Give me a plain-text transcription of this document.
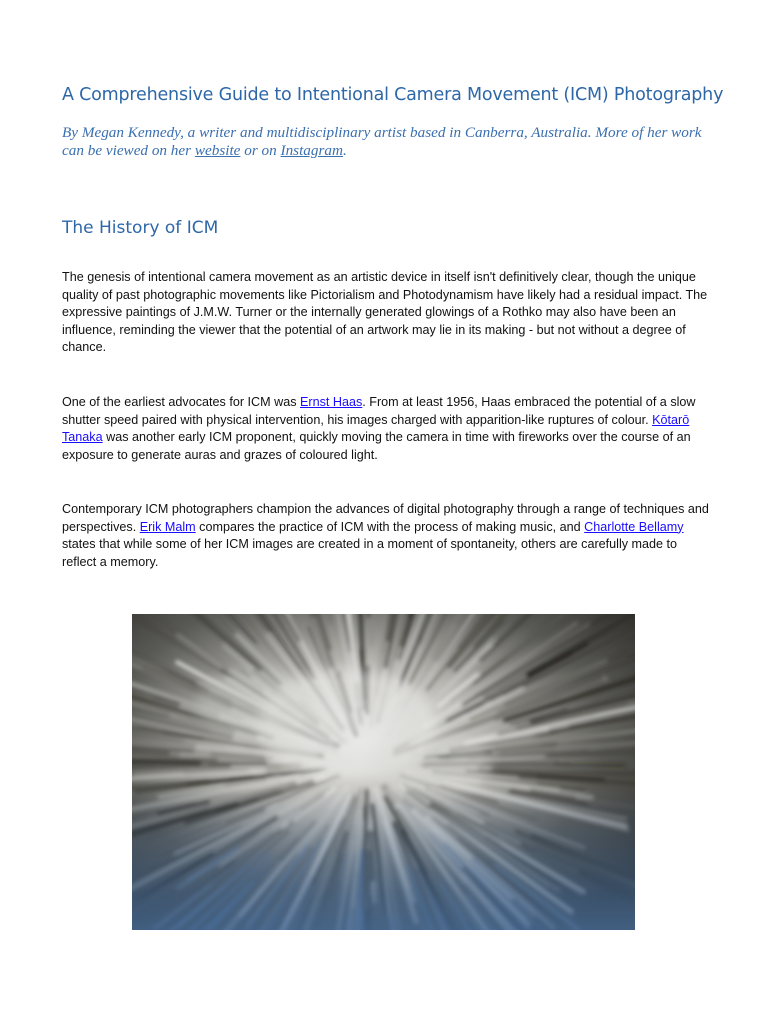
A Comprehensive Guide to Intentional Camera Movement (ICM) Photography

By Megan Kennedy, a writer and multidisciplinary artist based in Canberra, Australia. More of her work can be viewed on her website or on Instagram.

The History of ICM

The genesis of intentional camera movement as an artistic device in itself isn't definitively clear, though the unique quality of past photographic movements like Pictorialism and Photodynamism have likely had a residual impact. The expressive paintings of J.M.W. Turner or the internally generated glowings of a Rothko may also have been an influence, reminding the viewer that the potential of an artwork may lie in its making - but not without a degree of chance.

One of the earliest advocates for ICM was Ernst Haas. From at least 1956, Haas embraced the potential of a slow shutter speed paired with physical intervention, his images charged with apparition-like ruptures of colour. Kōtarō Tanaka was another early ICM proponent, quickly moving the camera in time with fireworks over the course of an exposure to generate auras and grazes of coloured light.

Contemporary ICM photographers champion the advances of digital photography through a range of techniques and perspectives. Erik Malm compares the practice of ICM with the process of making music, and Charlotte Bellamy states that while some of her ICM images are created in a moment of spontaneity, others are carefully made to reflect a memory.
